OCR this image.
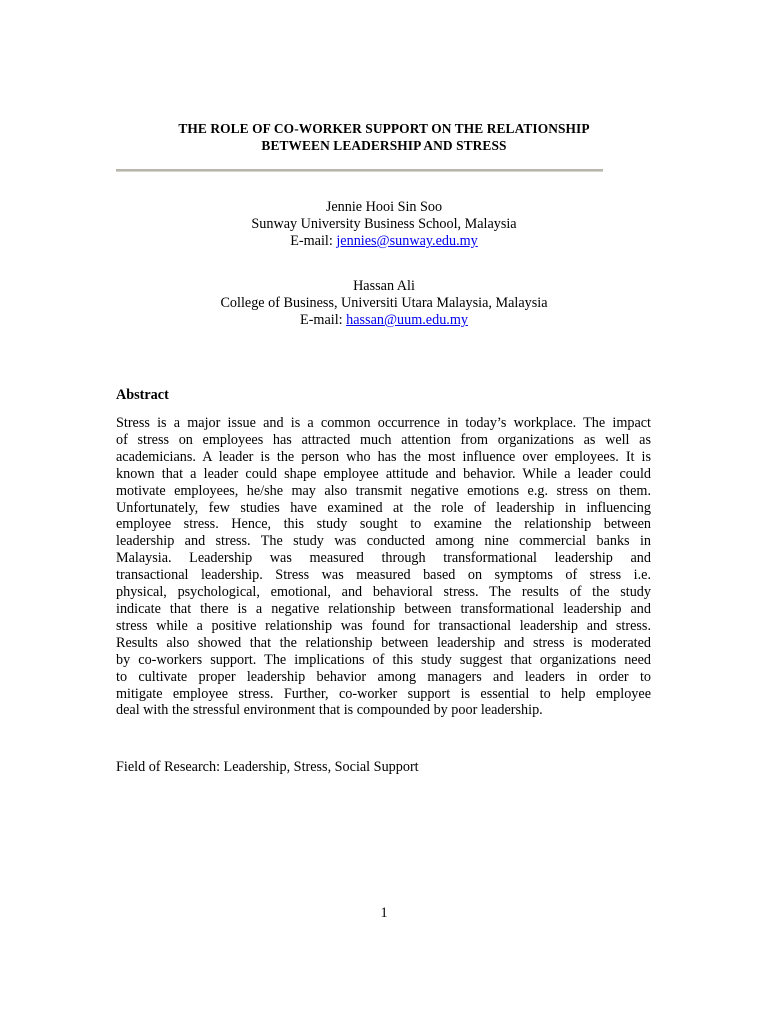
THE ROLE OF CO-WORKER SUPPORT ON THE RELATIONSHIP
BETWEEN LEADERSHIP AND STRESS
Jennie Hooi Sin Soo
Sunway University Business School, Malaysia
E-mail: jennies@sunway.edu.my
Hassan Ali
College of Business, Universiti Utara Malaysia, Malaysia
E-mail: hassan@uum.edu.my
Abstract
Stress is a major issue and is a common occurrence in today’s workplace. The impact
of stress on employees has attracted much attention from organizations as well as
academicians. A leader is the person who has the most influence over employees. It is
known that a leader could shape employee attitude and behavior. While a leader could
motivate employees, he/she may also transmit negative emotions e.g. stress on them.
Unfortunately, few studies have examined at the role of leadership in influencing
employee stress. Hence, this study sought to examine the relationship between
leadership and stress. The study was conducted among nine commercial banks in
Malaysia. Leadership was measured through transformational leadership and
transactional leadership. Stress was measured based on symptoms of stress i.e.
physical, psychological, emotional, and behavioral stress. The results of the study
indicate that there is a negative relationship between transformational leadership and
stress while a positive relationship was found for transactional leadership and stress.
Results also showed that the relationship between leadership and stress is moderated
by co-workers support. The implications of this study suggest that organizations need
to cultivate proper leadership behavior among managers and leaders in order to
mitigate employee stress. Further, co-worker support is essential to help employee
deal with the stressful environment that is compounded by poor leadership.
Field of Research: Leadership, Stress, Social Support
1
